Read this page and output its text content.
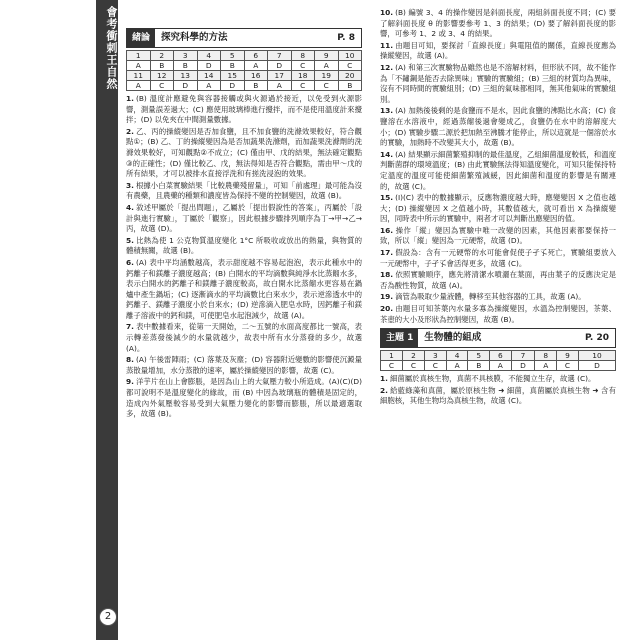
會考衝刺王自然
2
緒論	探究科學的方法	P. 8
1	2	3	4	5	6	7	8	9	10
A	B	B	D	B	A	D	C	A	C
11	12	13	14	15	16	17	18	19	20
A	C	D	A	D	B	A	C	C	B

1. (B) 溫度計應避免與容器接觸或與火源過於接近，以免受到火源影響，測量誤差過大；(C) 應使用玻璃棒進行攪拌，而不是使用溫度計來攪拌；(D) 以免夾在中間測量數據。

2. 乙、丙的操縱變因是否加食鹽，且不加食鹽的洗滌效果較好，符合觀點①；(B) 乙、丁的操縱變因為是否加蔬果洗滌劑，而加蔬果洗滌劑的洗滌效果較好，可知觀點②不成立；(C) 僅由甲、戊的結果，無法確定觀點③的正確性；(D) 僅比較乙、戊，無法得知是否符合觀點，需由甲～戊的所有結果，才可以被排水直接浮洗和有搓洗浸泡的效果。

3. 根據小白菜實驗結果「比較農藥殘留量」，可知「前處理」最可能為沒有農藥，且農藥的種類和濃度皆為保持不變的控制變因，故選 (B)。

4. 敘述甲屬於「提出問題」，乙屬於「提出假說性的答案」，丙屬於「設計與進行實驗」，丁屬於「觀察」，因此根據步驟排列順序為丁→甲→乙→丙，故選 (D)。

5. 比熱為使 1 公克物質溫度變化 1°C 所吸收或放出的熱量，與物質的體積無關，故選 (B)。

6. (A) 表中平均涵數越高，表示甜度越不容易起泡泡，表示此種水中的鈣離子和鎂離子濃度越高；(B) 白開水的平均滴數與純淨水比蒸餾水多，表示白開水的鈣離子和鎂離子濃度較高，故白開水比蒸餾水更容易在鍋爐中產生鍋垢；(C) 逐漸滴水的平均滴數比白來水少，表示逆滲透水中的鈣離子、鎂離子濃度小於自來水；(D) 逆滲滴入肥皂水時，因鈣離子和鎂離子溶液中的鈣和鎂，可使肥皂水起泡減少，故選 (A)。

7. 表中數據看來，從第一天開始，二～五號的水面高度都比一號高，表示轉差蒸發後減少的水量就越少，故表中所有水分蒸發的多少，故選 (A)。

8. (A) 午後雷陣雨；(C) 落葉及灰塵；(D) 容器附近變數的影響使沉澱量蒸散量增加，水分蒸散的速率，屬於操縱變因的影響，故選 (C)。

9. 洋芋片在山上會膨脹，是因為山上的大氣壓力較小所造成。(A)(C)(D) 都可說明不是溫度變化的緣故，而 (B) 中因為玻璃瓶的體積是固定的，造成內外氣壓較容易受到大氣壓力變化的影響而膨脹，所以最適選取多，故選 (B)。

10. (B) 編號 3、4 的操作變因是斜面長度，兩組斜面長度不同；(C) 要了解斜面長度 θ 的影響要參考 1、3 的結果；(D) 要了解斜面長度的影響，可參考 1、2 或 3、4 的結果。

11. 由題目可知，要探討「直線長度」與電阻值的關係，直線長度應為操縱變因，故選 (A)。

12. (A) 和第三次實驗物品雖然也是不溶解材料，但形狀不同，故不能作為「不鏽鋼是能否去除異味」實驗的實驗組；(B) 三組的材質均為異味，沒有不同時間的實驗組別；(D) 三組的氣味都相同，無其他氣味的實驗組別。

13. (A) 加熱後後剩的是食鹽而不是水，因此食鹽的沸點比水高；(C) 食鹽溶在水溶液中，經過蒸餾後過會變成乙，食鹽仍在水中的溶解度大小；(D) 實驗步驟二源於把加熱至沸騰才能停止，所以這就是一個溶於水的實驗，加熱時不改變其大小，故選 (B)。

14. (A) 結果顯示細菌繁殖抑制的最佳溫度，乙組細菌溫度較低，和溫度判斷菌群的環境溫度；(B) 由此實驗無法得知溫度變化，可知只能保持特定溫度的溫度可能使細菌繁殖減緩，因此細菌和溫度的影響是有關連的，故選 (C)。

15. (I)(C) 表中的數據顯示，反應物濃度越大時，應變變因 X 之值也越大；(D) 操縱變因 X 之值越小時，其數值越大，就可看出 X 為操縱變因，同時表中所示的實驗中，兩者才可以判斷出應變因的值。

16. 操作「縱」變因為實驗中唯一改變的因素，其他因素都要保持一致，所以「縱」變因為一元硬幣，故選 (D)。

17. 假設為：含有一元硬幣的水可能會促使子孑孓死亡，實驗組要放入一元硬幣中，子孑孓會活得更多，故選 (C)。

18. 依照實驗順序，應先將清潔水噴灑在葉面，再由葉子的反應決定是否為酸性物質，故選 (A)。

19. 滴管為吸取少量液體，轉移至其他容器的工具，故選 (A)。

20. 由題目可知茶葉內水量多寡為操縱變因，水溫為控制變因，茶葉、茶壺的大小及形狀為控制變因，故選 (B)。

主題 1	生物體的組成	P. 20
1	2	3	4	5	6	7	8	9	10
C	C	C	A	B	A	D	A	C	D

1. 細菌屬於真核生物，真菌不具核膜，不能獨立生存，故選 (C)。

2. 給藍綠藻和真菌，屬於原核生物 ➜ 細菌，真菌屬於真核生物 ➜ 含有細胞核，其他生物均為真核生物，故選 (C)。
